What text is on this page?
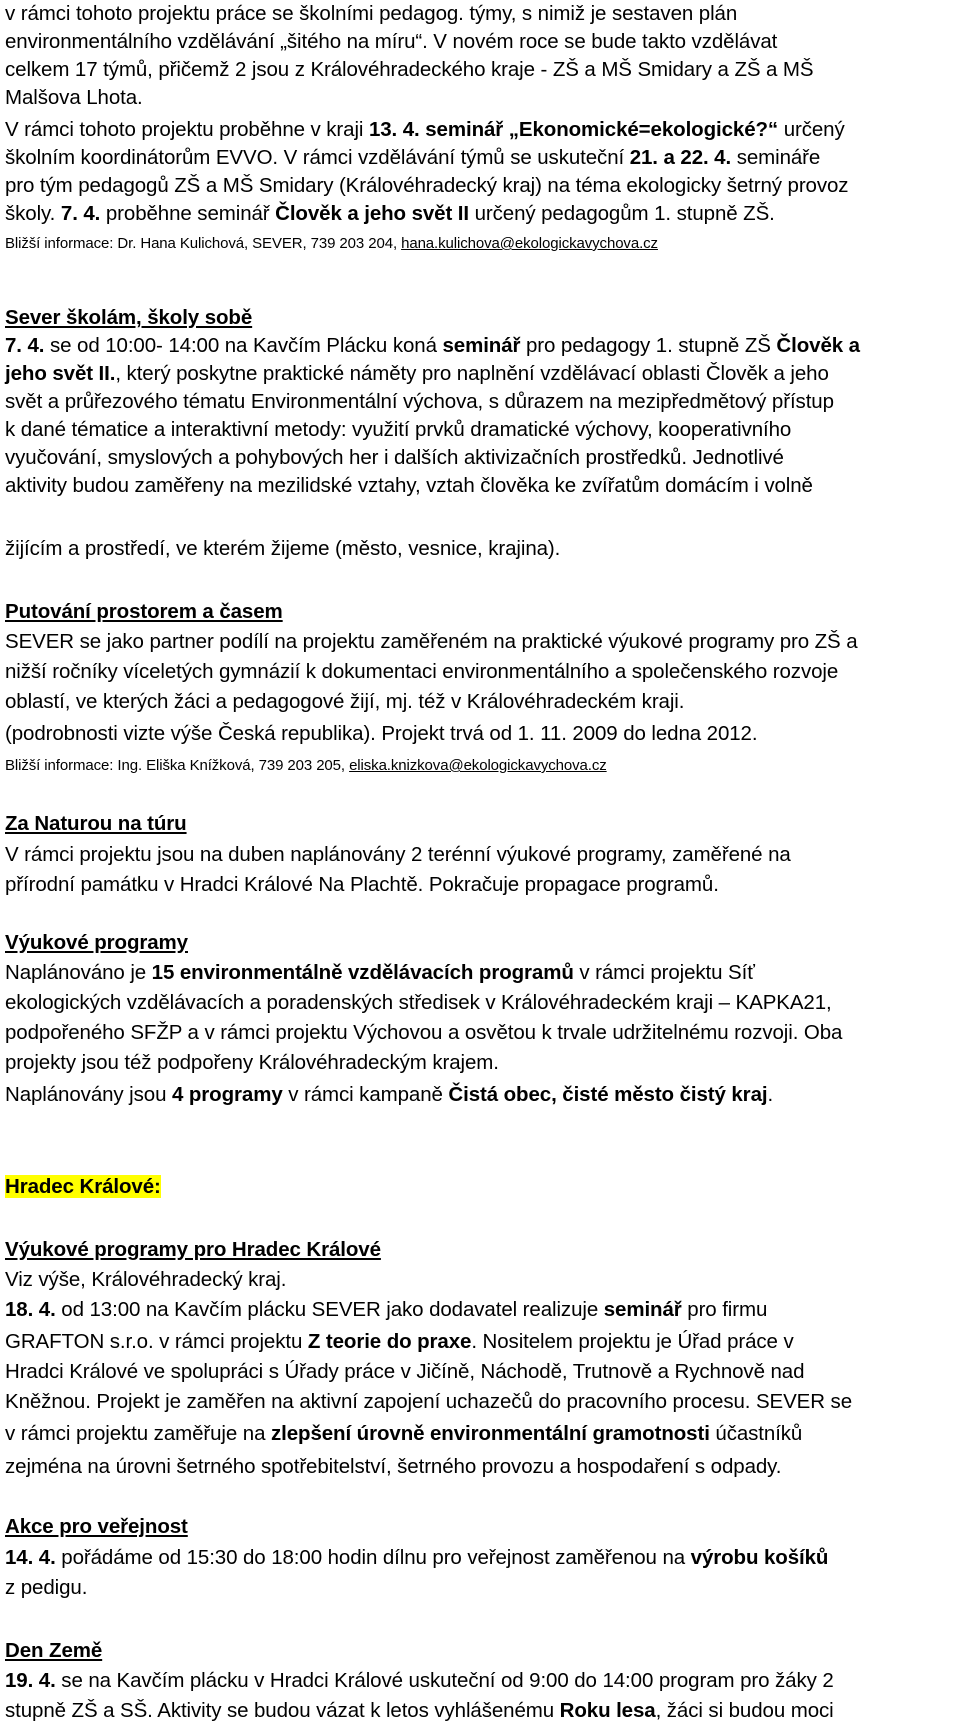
v rámci tohoto projektu práce se školními pedagog. týmy, s nimiž je sestaven plán
environmentálního vzdělávání „šitého na míru“. V novém roce se bude takto vzdělávat
celkem 17 týmů, přičemž 2 jsou z Královéhradeckého kraje - ZŠ a MŠ Smidary a ZŠ a MŠ
Malšova Lhota.
V rámci tohoto projektu proběhne v kraji 13. 4. seminář „Ekonomické=ekologické?“ určený
školním koordinátorům EVVO. V rámci vzdělávání týmů se uskuteční 21. a 22. 4. semináře
pro tým pedagogů ZŠ a MŠ Smidary (Královéhradecký kraj) na téma ekologicky šetrný provoz
školy. 7. 4. proběhne seminář Člověk a jeho svět II určený pedagogům 1. stupně ZŠ.
Bližší informace: Dr. Hana Kulichová, SEVER, 739 203 204, hana.kulichova@ekologickavychova.cz
Sever školám, školy sobě
7. 4. se od 10:00- 14:00 na Kavčím Plácku koná seminář pro pedagogy 1. stupně ZŠ Člověk a
jeho svět II., který poskytne praktické náměty pro naplnění vzdělávací oblasti Člověk a jeho
svět a průřezového tématu Environmentální výchova, s důrazem na mezipředmětový přístup
k dané tématice a interaktivní metody: využití prvků dramatické výchovy, kooperativního
vyučování, smyslových a pohybových her i dalších aktivizačních prostředků. Jednotlivé
aktivity budou zaměřeny na mezilidské vztahy, vztah člověka ke zvířatům domácím i volně
žijícím a prostředí, ve kterém žijeme (město, vesnice, krajina).
Putování prostorem a časem
SEVER se jako partner podílí na projektu zaměřeném na praktické výukové programy pro ZŠ a
nižší ročníky víceletých gymnázií k dokumentaci environmentálního a společenského rozvoje
oblastí, ve kterých žáci a pedagogové žijí, mj. též v Královéhradeckém kraji.
(podrobnosti vizte výše Česká republika). Projekt trvá od 1. 11. 2009 do ledna 2012.
Bližší informace: Ing. Eliška Knížková, 739 203 205, eliska.knizkova@ekologickavychova.cz
Za Naturou na túru
V rámci projektu jsou na duben naplánovány 2 terénní výukové programy, zaměřené na
přírodní památku v Hradci Králové Na Plachtě. Pokračuje propagace programů.
Výukové programy
Naplánováno je 15 environmentálně vzdělávacích programů v rámci projektu Síť
ekologických vzdělávacích a poradenských středisek v Královéhradeckém kraji – KAPKA21,
podpořeného SFŽP a v rámci projektu Výchovou a osvětou k trvale udržitelnému rozvoji. Oba
projekty jsou též podpořeny Královéhradeckým krajem.
Naplánovány jsou 4 programy v rámci kampaně Čistá obec, čisté město čistý kraj.
Hradec Králové:
Výukové programy pro Hradec Králové
Viz výše, Královéhradecký kraj.
18. 4. od 13:00 na Kavčím plácku SEVER jako dodavatel realizuje seminář pro firmu
GRAFTON s.r.o. v rámci projektu Z teorie do praxe. Nositelem projektu je Úřad práce v
Hradci Králové ve spolupráci s Úřady práce v Jičíně, Náchodě, Trutnově a Rychnově nad
Kněžnou. Projekt je zaměřen na aktivní zapojení uchazečů do pracovního procesu. SEVER se
v rámci projektu zaměřuje na zlepšení úrovně environmentální gramotnosti účastníků
zejména na úrovni šetrného spotřebitelství, šetrného provozu a hospodaření s odpady.
Akce pro veřejnost
14. 4. pořádáme od 15:30 do 18:00 hodin dílnu pro veřejnost zaměřenou na výrobu košíků
z pedigu.
Den Země
19. 4. se na Kavčím plácku v Hradci Králové uskuteční od 9:00 do 14:00 program pro žáky 2
stupně ZŠ a SŠ. Aktivity se budou vázat k letos vyhlášenému Roku lesa, žáci si budou moci
